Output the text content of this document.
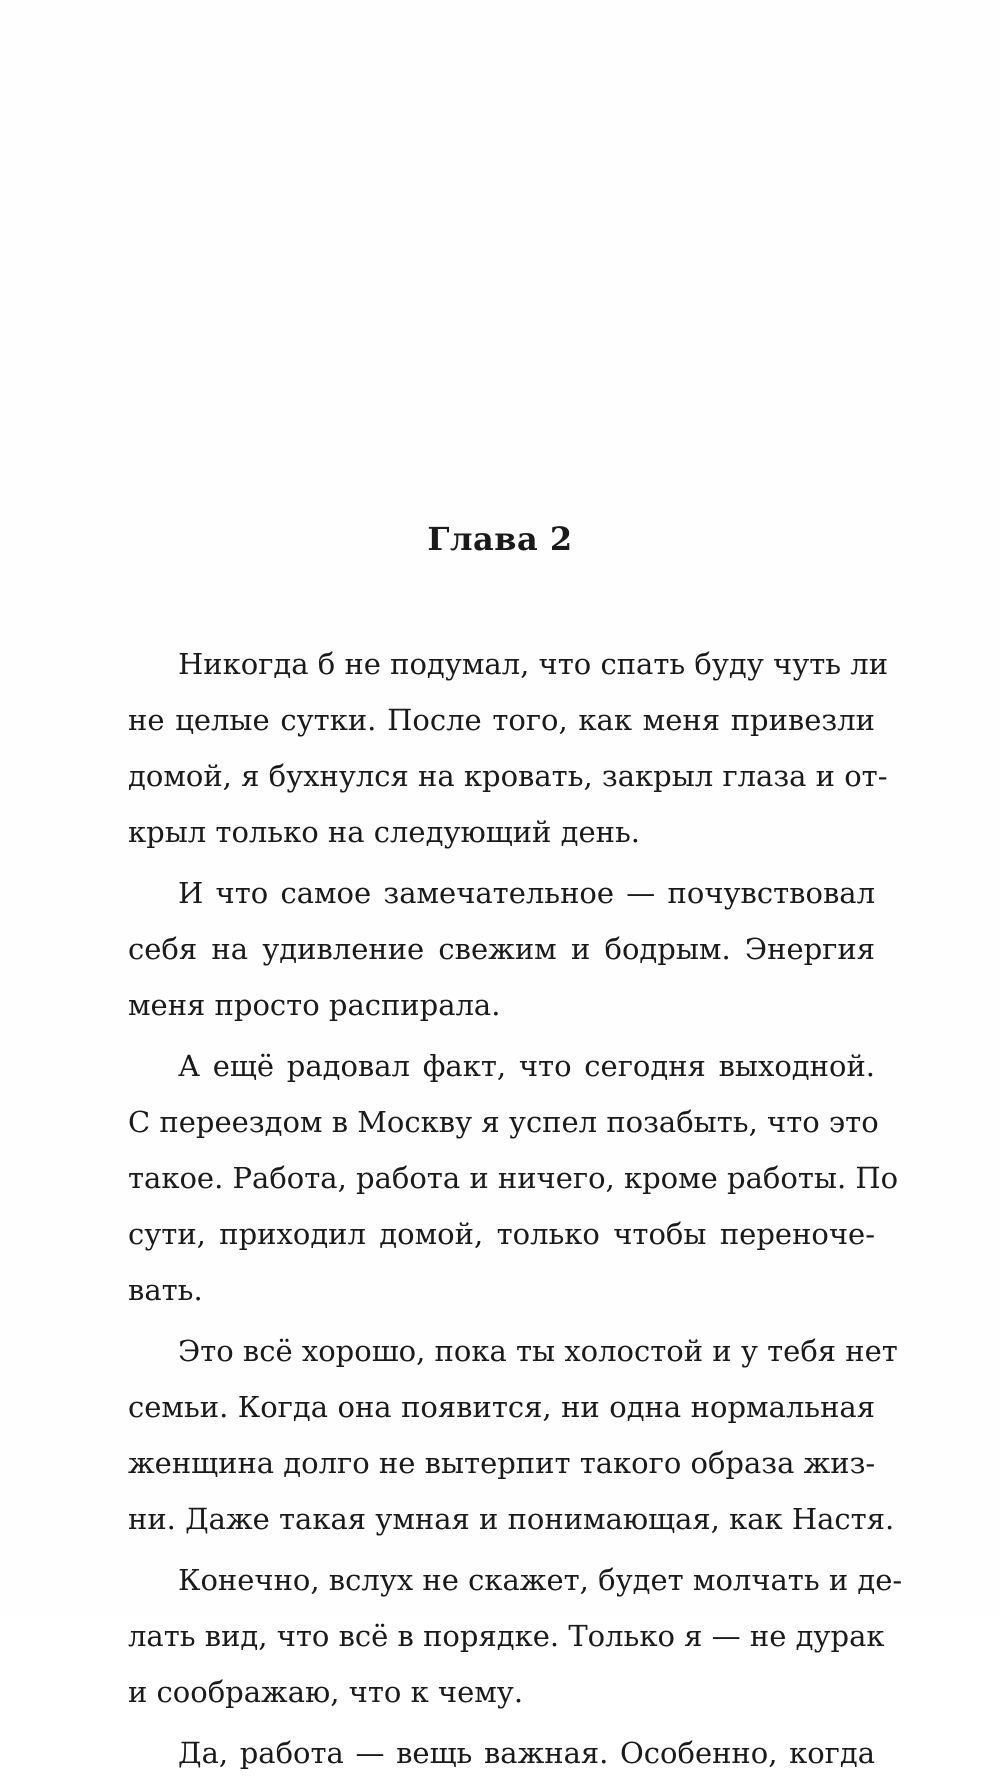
Глава 2
Никогда б не подумал, что спать буду чуть ли
не целые сутки. После того, как меня привезли
домой, я бухнулся на кровать, закрыл глаза и от-
крыл только на следующий день.
И что самое замечательное — почувствовал
себя на удивление свежим и бодрым. Энергия
меня просто распирала.
А ещё радовал факт, что сегодня выходной.
С переездом в Москву я успел позабыть, что это
такое. Работа, работа и ничего, кроме работы. По
сути, приходил домой, только чтобы переноче-
вать.
Это всё хорошо, пока ты холостой и у тебя нет
семьи. Когда она появится, ни одна нормальная
женщина долго не вытерпит такого образа жиз-
ни. Даже такая умная и понимающая, как Настя.
Конечно, вслух не скажет, будет молчать и де-
лать вид, что всё в порядке. Только я — не дурак
и соображаю, что к чему.
Да, работа — вещь важная. Особенно, когда
